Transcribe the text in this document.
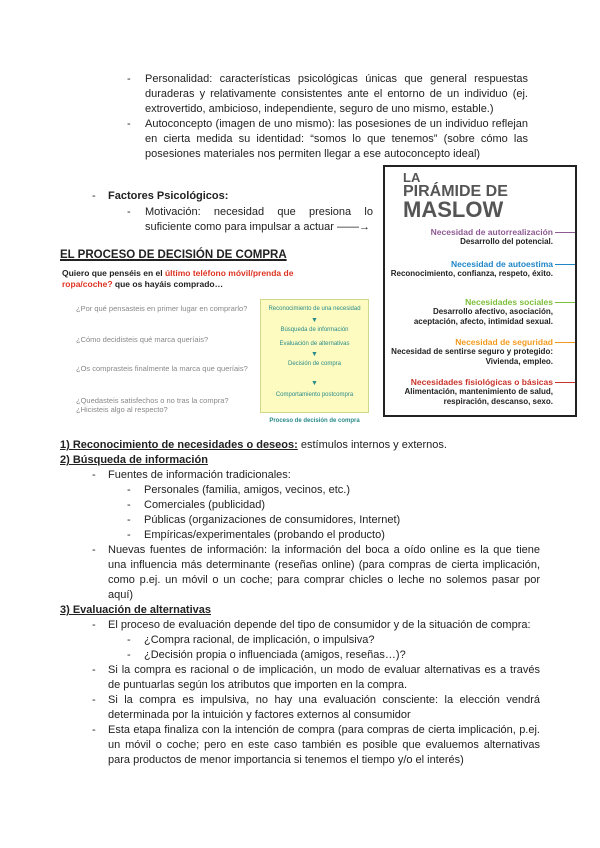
- Personalidad: características psicológicas únicas que general respuestas duraderas y relativamente consistentes ante el entorno de un individuo (ej. extrovertido, ambicioso, independiente, seguro de uno mismo, estable.)
- Autoconcepto (imagen de uno mismo): las posesiones de un individuo reflejan en cierta medida su identidad: “somos lo que tenemos” (sobre cómo las posesiones materiales nos permiten llegar a ese autoconcepto ideal)
- Factores Psicológicos:
- Motivación: necesidad que presiona lo suficiente como para impulsar a actuar ——→
LA
PIRÁMIDE DE
MASLOW
Necesidad de autorrealización
Desarrollo del potencial.
Necesidad de autoestima
Reconocimiento, confianza, respeto, éxito.
Necesidades sociales
Desarrollo afectivo, asociación, aceptación, afecto, intimidad sexual.
Necesidad de seguridad
Necesidad de sentirse seguro y protegido: Vivienda, empleo.
Necesidades fisiológicas o básicas
Alimentación, mantenimiento de salud, respiración, descanso, sexo.
EL PROCESO DE DECISIÓN DE COMPRA
Quiero que penséis en el último teléfono móvil/prenda de ropa/coche? que os hayáis comprado…
¿Por qué pensasteis en primer lugar en comprarlo?
¿Cómo decidisteis qué marca queríais?
¿Os comprasteis finalmente la marca que queríais?
¿Quedasteis satisfechos o no tras la compra? ¿Hicisteis algo al respecto?
Reconocimiento de una necesidad
▼
Búsqueda de información
Evaluación de alternativas
▼
Decisión de compra
▼
Comportamiento postcompra
Proceso de decisión de compra
1) Reconocimiento de necesidades o deseos: estímulos internos y externos.
2) Búsqueda de información
- Fuentes de información tradicionales:
- Personales (familia, amigos, vecinos, etc.)
- Comerciales (publicidad)
- Públicas (organizaciones de consumidores, Internet)
- Empíricas/experimentales (probando el producto)
- Nuevas fuentes de información: la información del boca a oído online es la que tiene una influencia más determinante (reseñas online) (para compras de cierta implicación, como p.ej. un móvil o un coche; para comprar chicles o leche no solemos pasar por aquí)
3) Evaluación de alternativas
- El proceso de evaluación depende del tipo de consumidor y de la situación de compra:
- ¿Compra racional, de implicación, o impulsiva?
- ¿Decisión propia o influenciada (amigos, reseñas…)?
- Si la compra es racional o de implicación, un modo de evaluar alternativas es a través de puntuarlas según los atributos que importen en la compra.
- Si la compra es impulsiva, no hay una evaluación consciente: la elección vendrá determinada por la intuición y factores externos al consumidor
- Esta etapa finaliza con la intención de compra (para compras de cierta implicación, p.ej. un móvil o coche; pero en este caso también es posible que evaluemos alternativas para productos de menor importancia si tenemos el tiempo y/o el interés)
